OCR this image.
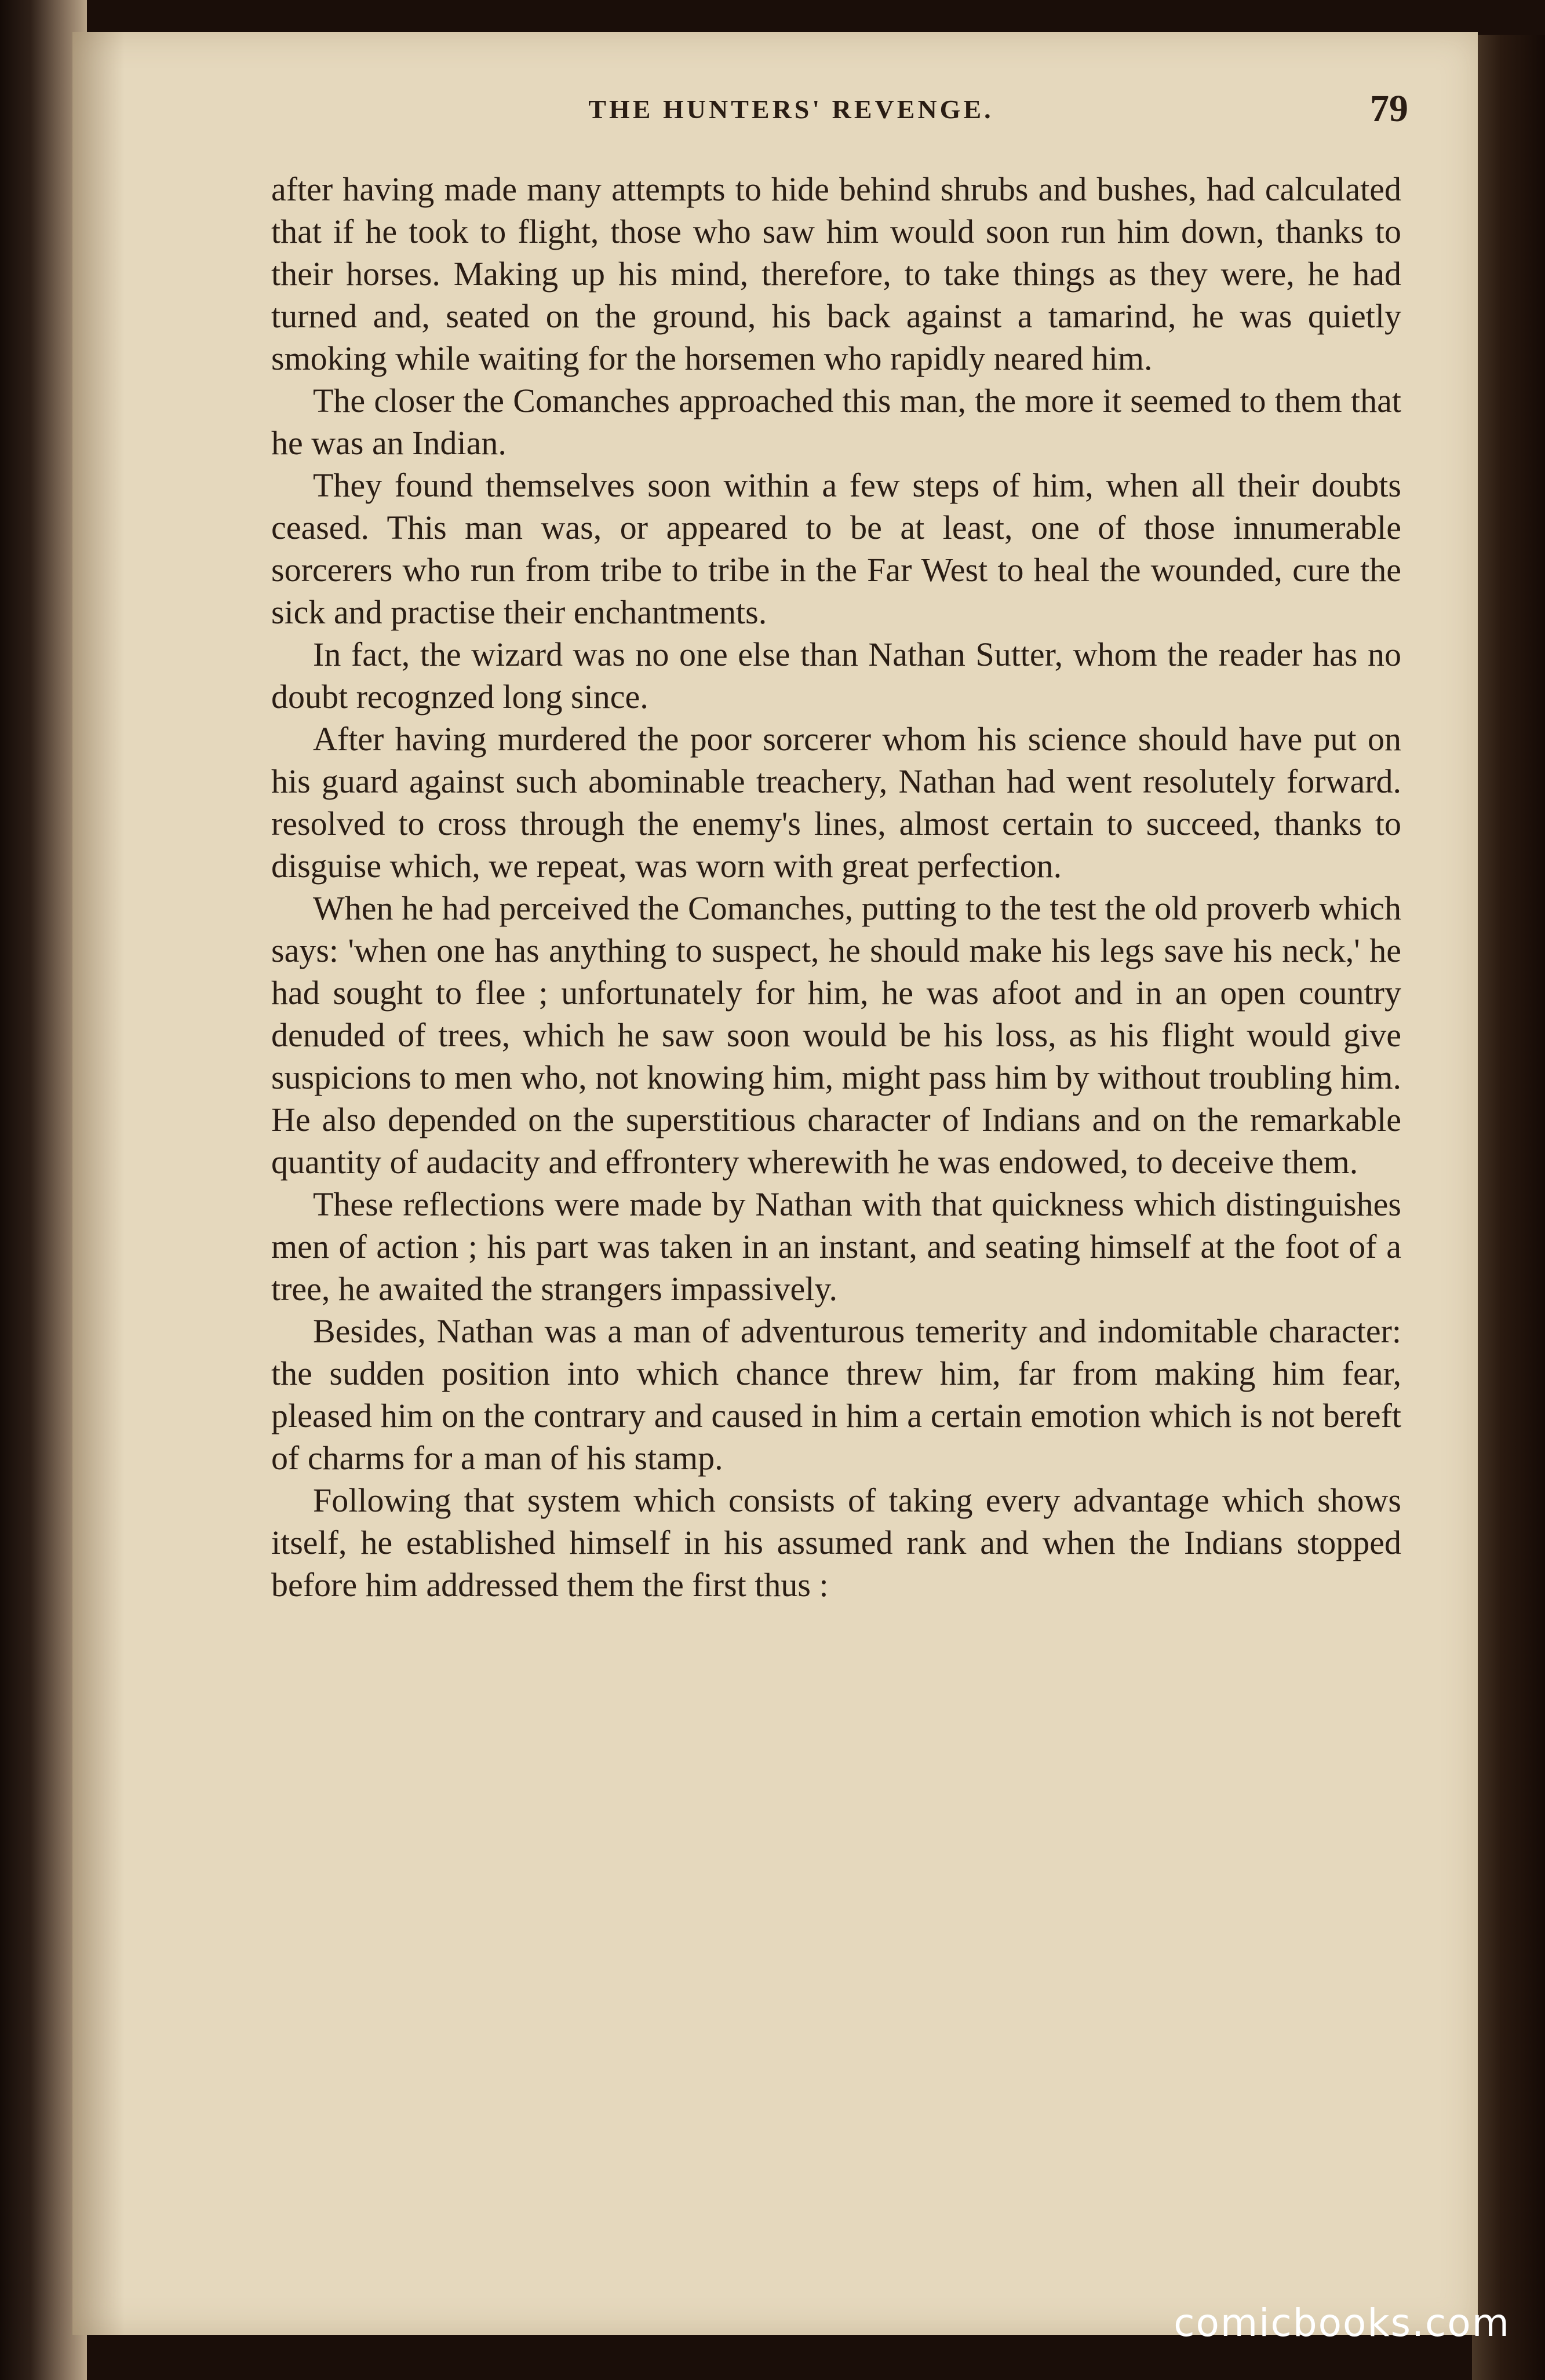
THE HUNTERS' REVENGE.	79

after having made many attempts to hide behind shrubs and bushes, had calculated that if he took to flight, those who saw him would soon run him down, thanks to their horses. Making up his mind, therefore, to take things as they were, he had turned and, seated on the ground, his back against a tamarind, he was quietly smoking while waiting for the horsemen who rapidly neared him.

The closer the Comanches approached this man, the more it seemed to them that he was an Indian.

They found themselves soon within a few steps of him, when all their doubts ceased. This man was, or appeared to be at least, one of those innumerable sorcerers who run from tribe to tribe in the Far West to heal the wounded, cure the sick and practise their enchantments.

In fact, the wizard was no one else than Nathan Sutter, whom the reader has no doubt recognzed long since.

After having murdered the poor sorcerer whom his science should have put on his guard against such abominable treachery, Nathan had went resolutely forward. resolved to cross through the enemy's lines, almost certain to succeed, thanks to disguise which, we repeat, was worn with great perfection.

When he had perceived the Comanches, putting to the test the old proverb which says: 'when one has anything to suspect, he should make his legs save his neck,' he had sought to flee ; unfortunately for him, he was afoot and in an open country denuded of trees, which he saw soon would be his loss, as his flight would give suspicions to men who, not knowing him, might pass him by without troubling him. He also depended on the superstitious character of Indians and on the remarkable quantity of audacity and effrontery wherewith he was endowed, to deceive them.

These reflections were made by Nathan with that quickness which distinguishes men of action ; his part was taken in an instant, and seating himself at the foot of a tree, he awaited the strangers impassively.

Besides, Nathan was a man of adventurous temerity and indomitable character: the sudden position into which chance threw him, far from making him fear, pleased him on the contrary and caused in him a certain emotion which is not bereft of charms for a man of his stamp.

Following that system which consists of taking every advantage which shows itself, he established himself in his assumed rank and when the Indians stopped before him addressed them the first thus :

comicbooks.com
